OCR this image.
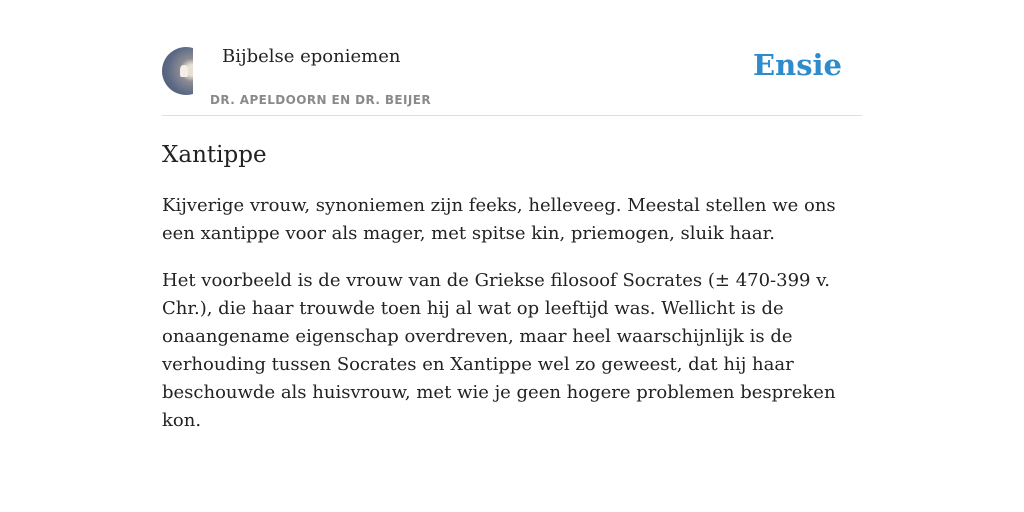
Bijbelse eponiemen
DR. APELDOORN EN DR. BEIJER
Ensie
Xantippe

Kijverige vrouw, synoniemen zijn feeks, helleveeg. Meestal stellen we ons een xantippe voor als mager, met spitse kin, priemogen, sluik haar.

Het voorbeeld is de vrouw van de Griekse filosoof Socrates (± 470-399 v. Chr.), die haar trouwde toen hij al wat op leeftijd was. Wellicht is de onaangename eigenschap overdreven, maar heel waarschijnlijk is de verhouding tussen Socrates en Xantippe wel zo geweest, dat hij haar beschouwde als huisvrouw, met wie je geen hogere problemen bespreken kon.
